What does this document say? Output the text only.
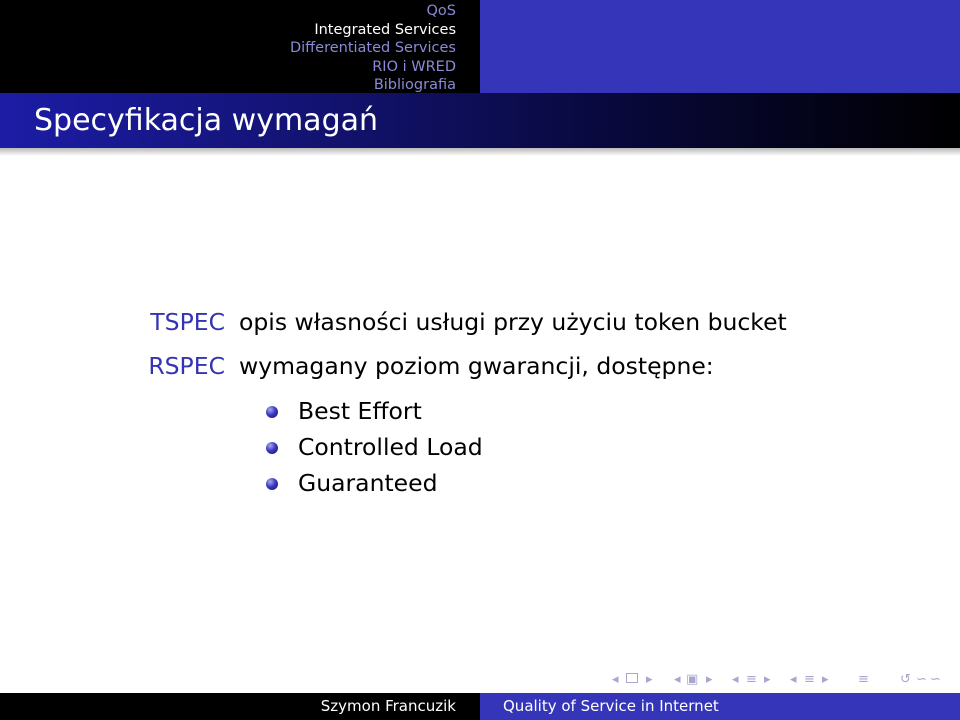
QoS
Integrated Services
Differentiated Services
RIO i WRED
Bibliografia
Specyfikacja wymagań
TSPEC opis własności usługi przy użyciu token bucket
RSPEC wymagany poziom gwarancji, dostępne:
Best Effort
Controlled Load
Guaranteed
◂ ▸ ◂ ▣ ▸ ◂ ≡ ▸ ◂ ≡ ▸ ≡ ↺ ∽ ∽
Szymon Francuzik	Quality of Service in Internet
